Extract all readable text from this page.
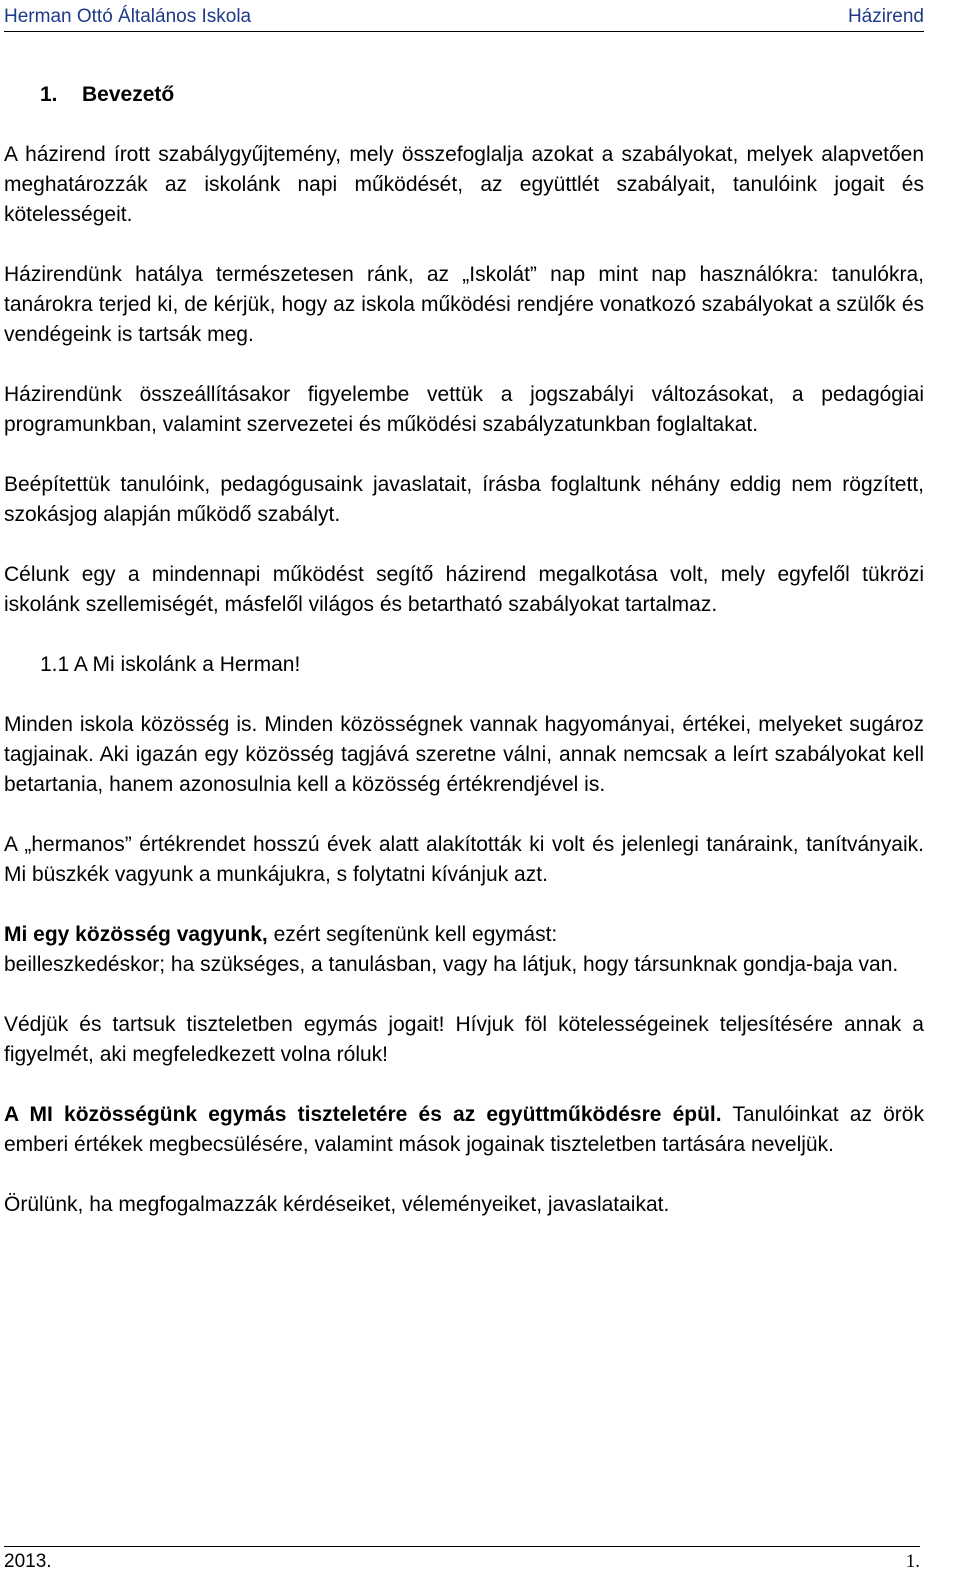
Herman Ottó Általános Iskola	Házirend
1. Bevezető

A házirend írott szabálygyűjtemény, mely összefoglalja azokat a szabályokat, melyek alapvetően meghatározzák az iskolánk napi működését, az együttlét szabályait, tanulóink jogait és kötelességeit.

Házirendünk hatálya természetesen ránk, az „Iskolát” nap mint nap használókra: tanulókra, tanárokra terjed ki, de kérjük, hogy az iskola működési rendjére vonatkozó szabályokat a szülők és vendégeink is tartsák meg.

Házirendünk összeállításakor figyelembe vettük a jogszabályi változásokat, a pedagógiai programunkban, valamint szervezetei és működési szabályzatunkban foglaltakat.

Beépítettük tanulóink, pedagógusaink javaslatait, írásba foglaltunk néhány eddig nem rögzített, szokásjog alapján működő szabályt.

Célunk egy a mindennapi működést segítő házirend megalkotása volt, mely egyfelől tükrözi iskolánk szellemiségét, másfelől világos és betartható szabályokat tartalmaz.

1.1 A Mi iskolánk a Herman!

Minden iskola közösség is. Minden közösségnek vannak hagyományai, értékei, melyeket sugároz tagjainak. Aki igazán egy közösség tagjává szeretne válni, annak nemcsak a leírt szabályokat kell betartania, hanem azonosulnia kell a közösség értékrendjével is.

A „hermanos” értékrendet hosszú évek alatt alakították ki volt és jelenlegi tanáraink, tanítványaik. Mi büszkék vagyunk a munkájukra, s folytatni kívánjuk azt.

Mi egy közösség vagyunk, ezért segítenünk kell egymást:
beilleszkedéskor; ha szükséges, a tanulásban, vagy ha látjuk, hogy társunknak gondja-baja van.

Védjük és tartsuk tiszteletben egymás jogait! Hívjuk föl kötelességeinek teljesítésére annak a figyelmét, aki megfeledkezett volna róluk!

A MI közösségünk egymás tiszteletére és az együttműködésre épül. Tanulóinkat az örök emberi értékek megbecsülésére, valamint mások jogainak tiszteletben tartására neveljük.

Örülünk, ha megfogalmazzák kérdéseiket, véleményeiket, javaslataikat.

2013.	1.
